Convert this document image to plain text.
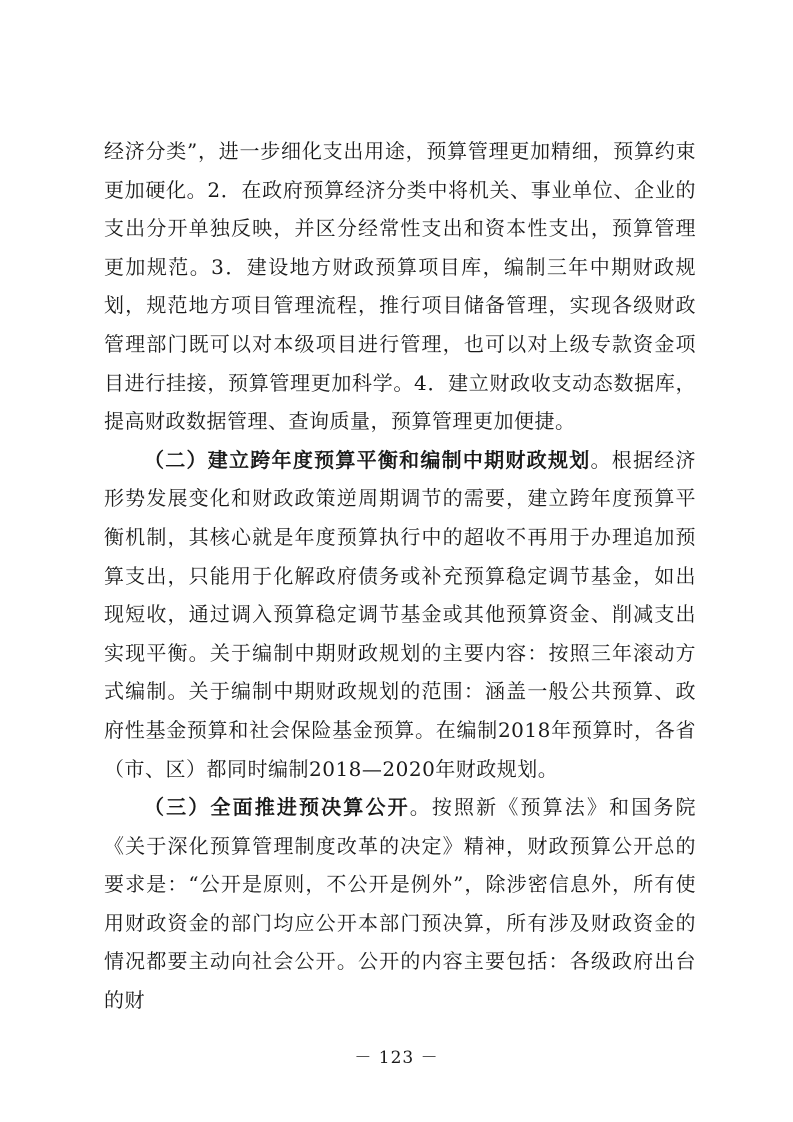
经济分类”，进一步细化支出用途，预算管理更加精细，预算约束更加硬化。2．在政府预算经济分类中将机关、事业单位、企业的支出分开单独反映，并区分经常性支出和资本性支出，预算管理更加规范。3．建设地方财政预算项目库，编制三年中期财政规划，规范地方项目管理流程，推行项目储备管理，实现各级财政管理部门既可以对本级项目进行管理，也可以对上级专款资金项目进行挂接，预算管理更加科学。4．建立财政收支动态数据库，提高财政数据管理、查询质量，预算管理更加便捷。

（二）建立跨年度预算平衡和编制中期财政规划。根据经济形势发展变化和财政政策逆周期调节的需要，建立跨年度预算平衡机制，其核心就是年度预算执行中的超收不再用于办理追加预算支出，只能用于化解政府债务或补充预算稳定调节基金，如出现短收，通过调入预算稳定调节基金或其他预算资金、削减支出实现平衡。关于编制中期财政规划的主要内容：按照三年滚动方式编制。关于编制中期财政规划的范围：涵盖一般公共预算、政府性基金预算和社会保险基金预算。在编制2018年预算时，各省（市、区）都同时编制2018—2020年财政规划。

（三）全面推进预决算公开。按照新《预算法》和国务院《关于深化预算管理制度改革的决定》精神，财政预算公开总的要求是：“公开是原则，不公开是例外”，除涉密信息外，所有使用财政资金的部门均应公开本部门预决算，所有涉及财政资金的情况都要主动向社会公开。公开的内容主要包括：各级政府出台的财

－ 123 －
